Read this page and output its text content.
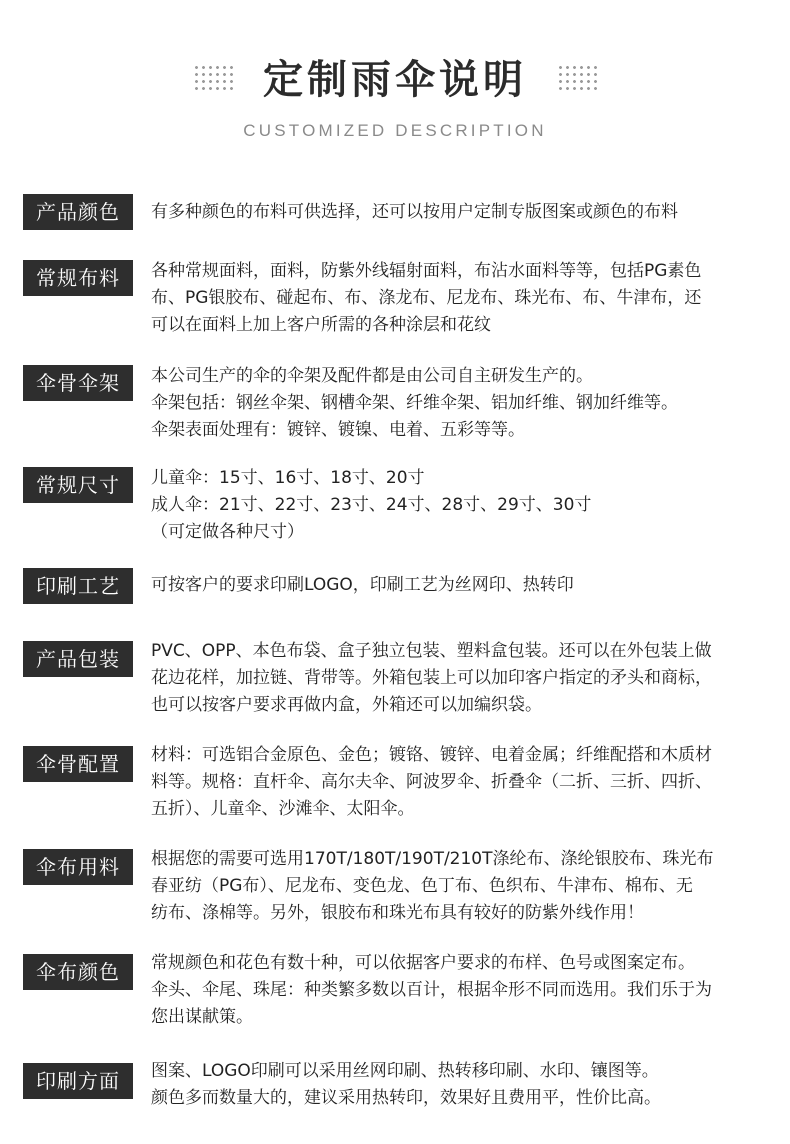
定制雨伞说明
CUSTOMIZED DESCRIPTION
产品颜色	有多种颜色的布料可供选择，还可以按用户定制专版图案或颜色的布料
常规布料	各种常规面料，面料，防紫外线辐射面料，布沾水面料等等，包括PG素色
布、PG银胶布、碰起布、布、涤龙布、尼龙布、珠光布、布、牛津布，还
可以在面料上加上客户所需的各种涂层和花纹
伞骨伞架	本公司生产的伞的伞架及配件都是由公司自主研发生产的。
伞架包括：钢丝伞架、钢槽伞架、纤维伞架、铝加纤维、钢加纤维等。
伞架表面处理有：镀锌、镀镍、电着、五彩等等。
常规尺寸	儿童伞：15寸、16寸、18寸、20寸
成人伞：21寸、22寸、23寸、24寸、28寸、29寸、30寸
（可定做各种尺寸）
印刷工艺	可按客户的要求印刷LOGO，印刷工艺为丝网印、热转印
产品包装	PVC、OPP、本色布袋、盒子独立包装、塑料盒包装。还可以在外包装上做
花边花样，加拉链、背带等。外箱包装上可以加印客户指定的矛头和商标，
也可以按客户要求再做内盒，外箱还可以加编织袋。
伞骨配置	材料：可选铝合金原色、金色；镀铬、镀锌、电着金属；纤维配搭和木质材
料等。规格：直杆伞、高尔夫伞、阿波罗伞、折叠伞（二折、三折、四折、
五折）、儿童伞、沙滩伞、太阳伞。
伞布用料	根据您的需要可选用170T/180T/190T/210T涤纶布、涤纶银胶布、珠光布
春亚纺（PG布）、尼龙布、变色龙、色丁布、色织布、牛津布、棉布、无
纺布、涤棉等。另外，银胶布和珠光布具有较好的防紫外线作用！
伞布颜色	常规颜色和花色有数十种，可以依据客户要求的布样、色号或图案定布。
伞头、伞尾、珠尾：种类繁多数以百计，根据伞形不同而选用。我们乐于为
您出谋献策。
印刷方面	图案、LOGO印刷可以采用丝网印刷、热转移印刷、水印、镶图等。
颜色多而数量大的，建议采用热转印，效果好且费用平，性价比高。
